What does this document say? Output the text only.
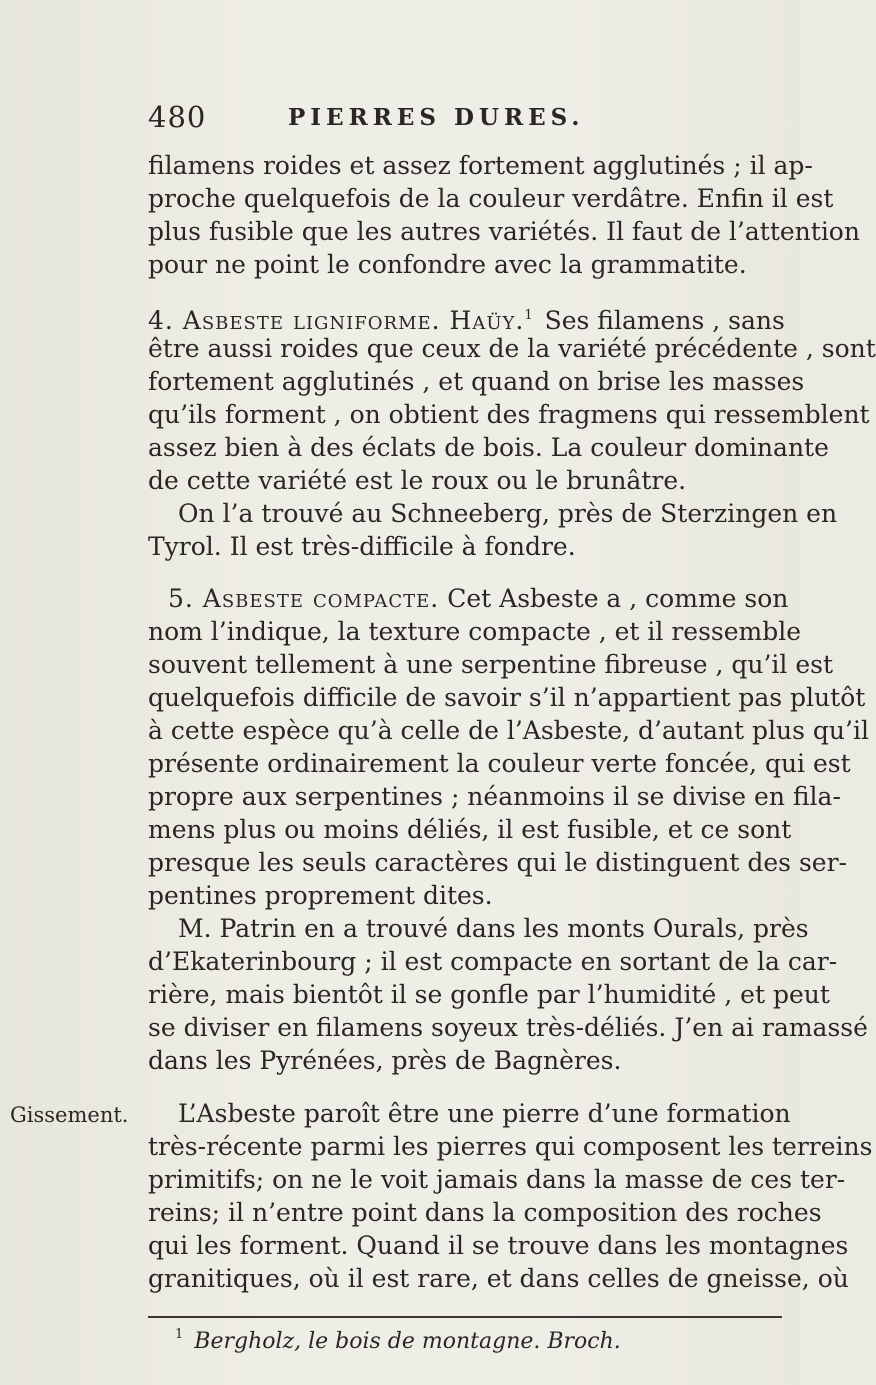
480	PIERRES DURES.
filamens roides et assez fortement agglutinés ; il ap-
proche quelquefois de la couleur verdâtre. Enfin il est
plus fusible que les autres variétés. Il faut de l’attention
pour ne point le confondre avec la grammatite.
4. Asbeste ligniforme. Haüy.$^1$ Ses filamens , sans
être aussi roides que ceux de la variété précédente , sont
fortement agglutinés , et quand on brise les masses
qu’ils forment , on obtient des fragmens qui ressemblent
assez bien à des éclats de bois. La couleur dominante
de cette variété est le roux ou le brunâtre.
On l’a trouvé au Schneeberg, près de Sterzingen en
Tyrol. Il est très-difficile à fondre.
5. Asbeste compacte. Cet Asbeste a , comme son
nom l’indique, la texture compacte , et il ressemble
souvent tellement à une serpentine fibreuse , qu’il est
quelquefois difficile de savoir s’il n’appartient pas plutôt
à cette espèce qu’à celle de l’Asbeste, d’autant plus qu’il
présente ordinairement la couleur verte foncée, qui est
propre aux serpentines ; néanmoins il se divise en fila-
mens plus ou moins déliés, il est fusible, et ce sont
presque les seuls caractères qui le distinguent des ser-
pentines proprement dites.
M. Patrin en a trouvé dans les monts Ourals, près
d’Ekaterinbourg ; il est compacte en sortant de la car-
rière, mais bientôt il se gonfle par l’humidité , et peut
se diviser en filamens soyeux très-déliés. J’en ai ramassé
dans les Pyrénées, près de Bagnères.
Gissement. L’Asbeste paroît être une pierre d’une formation
très-récente parmi les pierres qui composent les terreins
primitifs; on ne le voit jamais dans la masse de ces ter-
reins; il n’entre point dans la composition des roches
qui les forment. Quand il se trouve dans les montagnes
granitiques, où il est rare, et dans celles de gneisse, où
$^1$ Bergholz, le bois de montagne. Broch.
